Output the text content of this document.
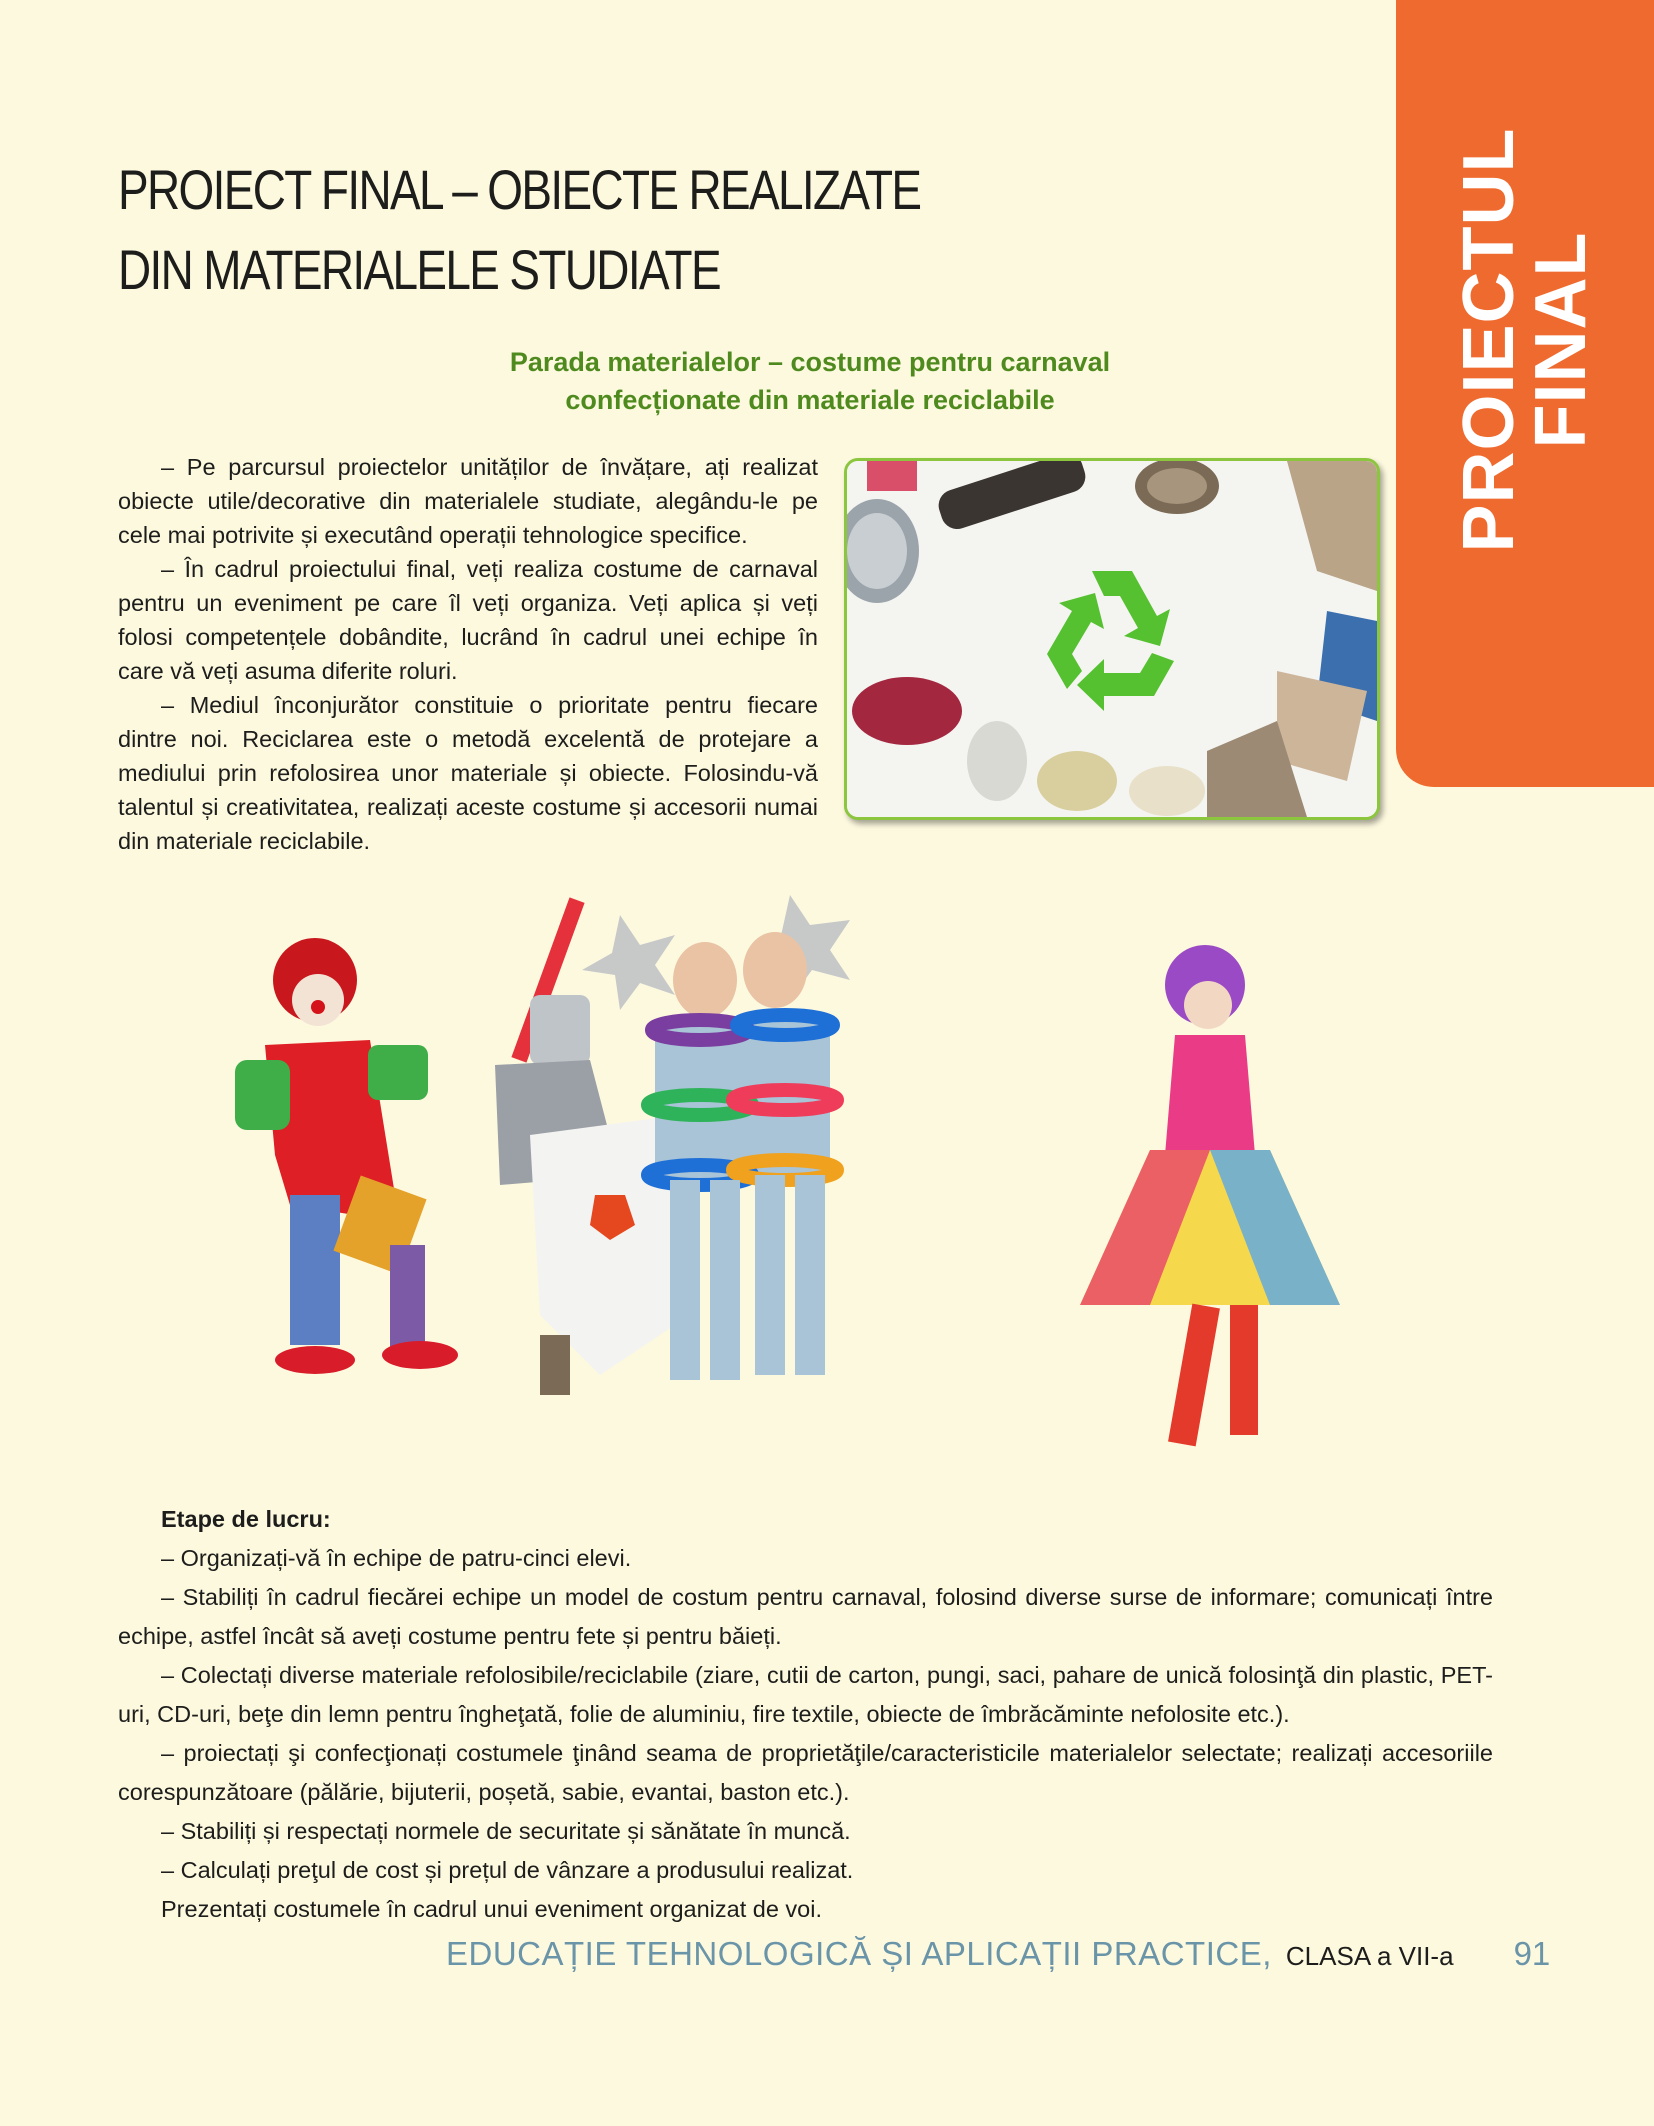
PROIECT FINAL – OBIECTE REALIZATE
DIN MATERIALELE STUDIATE	PROIECTUL
FINAL
Parada materialelor – costume pentru carnaval
confecționate din materiale reciclabile

– Pe parcursul proiectelor unităților de învățare, ați realizat obiecte utile/decorative din materialele studiate, alegându-le pe cele mai potrivite și executând operații tehnologice specifice.

– În cadrul proiectului final, veți realiza costume de carnaval pentru un eveniment pe care îl veți organiza. Veți aplica și veți folosi competențele dobândite, lucrând în cadrul unei echipe în care vă veți asuma diferite roluri.

– Mediul înconjurător constituie o prioritate pentru fiecare dintre noi. Reciclarea este o metodă excelentă de protejare a mediului prin refolosirea unor materiale și obiecte. Folosindu-vă talentul și creativitatea, realizați aceste costume și accesorii numai din materiale reciclabile.

Etape de lucru:

– Organizați-vă în echipe de patru-cinci elevi.

– Stabiliți în cadrul fiecărei echipe un model de costum pentru carnaval, folosind diverse surse de informare; comunicați între echipe, astfel încât să aveți costume pentru fete și pentru băieți.

– Colectați diverse materiale refolosibile/reciclabile (ziare, cutii de carton, pungi, saci, pahare de unică folosinţă din plastic, PET-uri, CD-uri, beţe din lemn pentru îngheţată, folie de aluminiu, fire textile, obiecte de îmbrăcăminte nefolosite etc.).

– proiectați şi confecţionați costumele ţinând seama de proprietăţile/caracteristicile materialelor selectate; realizați accesoriile corespunzătoare (pălărie, bijuterii, poșetă, sabie, evantai, baston etc.).

– Stabiliți și respectați normele de securitate și sănătate în muncă.

– Calculați preţul de cost și prețul de vânzare a produsului realizat.

Prezentați costumele în cadrul unui eveniment organizat de voi.

EDUCAȚIE TEHNOLOGICĂ ȘI APLICAȚII PRACTICE, CLASA a VII-a 91
